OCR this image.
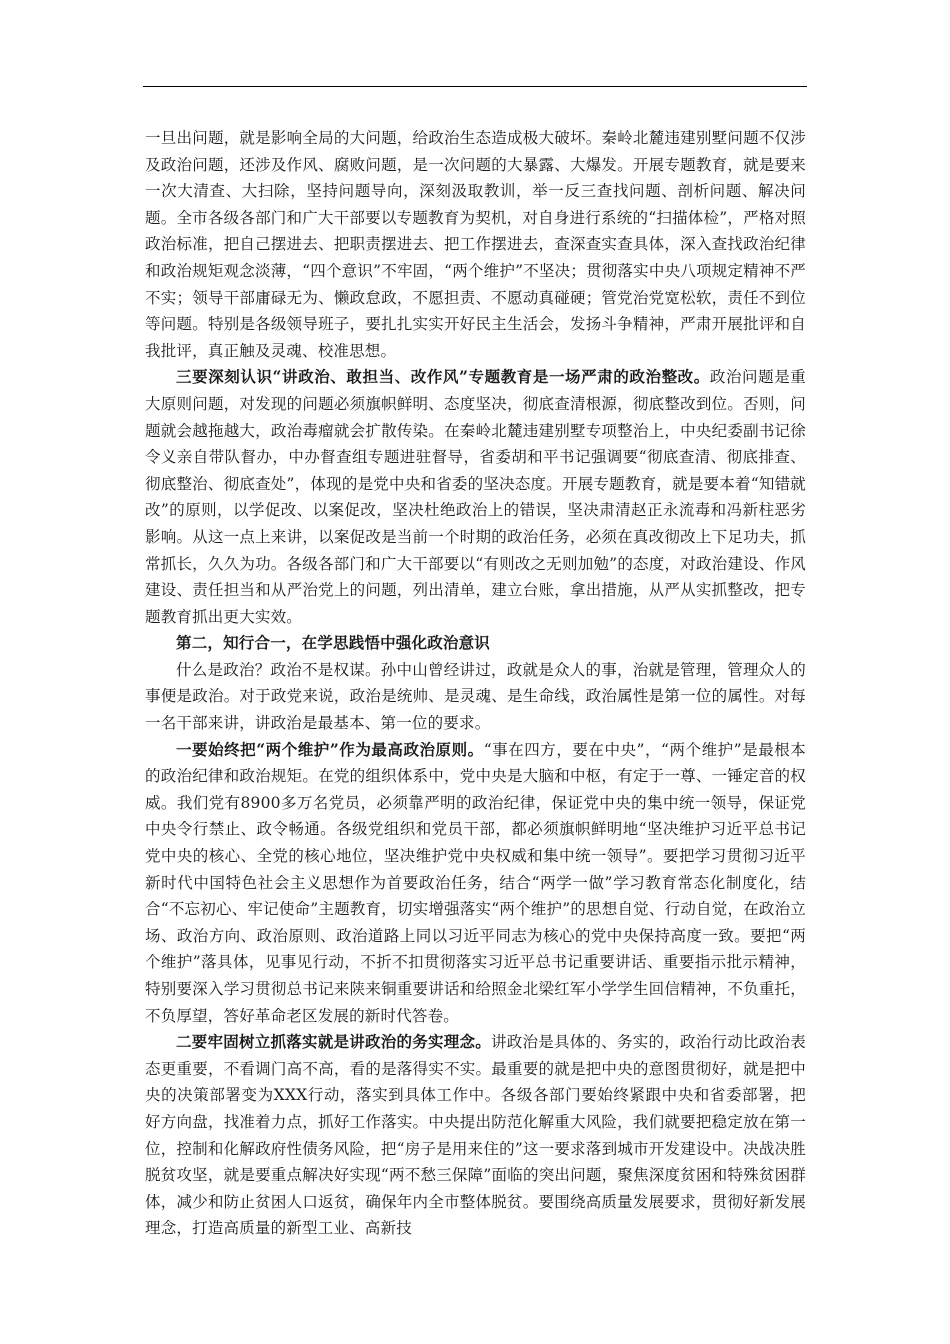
一旦出问题，就是影响全局的大问题，给政治生态造成极大破坏。秦岭北麓违建别墅问题不仅涉及政治问题，还涉及作风、腐败问题，是一次问题的大暴露、大爆发。开展专题教育，就是要来一次大清查、大扫除，坚持问题导向，深刻汲取教训，举一反三查找问题、剖析问题、解决问题。全市各级各部门和广大干部要以专题教育为契机，对自身进行系统的“扫描体检”，严格对照政治标准，把自己摆进去、把职责摆进去、把工作摆进去，查深查实查具体，深入查找政治纪律和政治规矩观念淡薄，“四个意识”不牢固，“两个维护”不坚决；贯彻落实中央八项规定精神不严不实；领导干部庸碌无为、懒政怠政，不愿担责、不愿动真碰硬；管党治党宽松软，责任不到位等问题。特别是各级领导班子，要扎扎实实开好民主生活会，发扬斗争精神，严肃开展批评和自我批评，真正触及灵魂、校准思想。

三要深刻认识“讲政治、敢担当、改作风”专题教育是一场严肃的政治整改。政治问题是重大原则问题，对发现的问题必须旗帜鲜明、态度坚决，彻底查清根源，彻底整改到位。否则，问题就会越拖越大，政治毒瘤就会扩散传染。在秦岭北麓违建别墅专项整治上，中央纪委副书记徐令义亲自带队督办，中办督查组专题进驻督导，省委胡和平书记强调要“彻底查清、彻底排查、彻底整治、彻底查处”，体现的是党中央和省委的坚决态度。开展专题教育，就是要本着“知错就改”的原则，以学促改、以案促改，坚决杜绝政治上的错误，坚决肃清赵正永流毒和冯新柱恶劣影响。从这一点上来讲，以案促改是当前一个时期的政治任务，必须在真改彻改上下足功夫，抓常抓长，久久为功。各级各部门和广大干部要以“有则改之无则加勉”的态度，对政治建设、作风建设、责任担当和从严治党上的问题，列出清单，建立台账，拿出措施，从严从实抓整改，把专题教育抓出更大实效。

第二，知行合一，在学思践悟中强化政治意识

什么是政治？政治不是权谋。孙中山曾经讲过，政就是众人的事，治就是管理，管理众人的事便是政治。对于政党来说，政治是统帅、是灵魂、是生命线，政治属性是第一位的属性。对每一名干部来讲，讲政治是最基本、第一位的要求。

一要始终把“两个维护”作为最高政治原则。“事在四方，要在中央”，“两个维护”是最根本的政治纪律和政治规矩。在党的组织体系中，党中央是大脑和中枢，有定于一尊、一锤定音的权威。我们党有8900多万名党员，必须靠严明的政治纪律，保证党中央的集中统一领导，保证党中央令行禁止、政令畅通。各级党组织和党员干部，都必须旗帜鲜明地“坚决维护习近平总书记党中央的核心、全党的核心地位，坚决维护党中央权威和集中统一领导”。要把学习贯彻习近平新时代中国特色社会主义思想作为首要政治任务，结合“两学一做”学习教育常态化制度化，结合“不忘初心、牢记使命”主题教育，切实增强落实“两个维护”的思想自觉、行动自觉，在政治立场、政治方向、政治原则、政治道路上同以习近平同志为核心的党中央保持高度一致。要把“两个维护”落具体，见事见行动，不折不扣贯彻落实习近平总书记重要讲话、重要指示批示精神，特别要深入学习贯彻总书记来陕来铜重要讲话和给照金北梁红军小学学生回信精神，不负重托，不负厚望，答好革命老区发展的新时代答卷。

二要牢固树立抓落实就是讲政治的务实理念。讲政治是具体的、务实的，政治行动比政治表态更重要，不看调门高不高，看的是落得实不实。最重要的就是把中央的意图贯彻好，就是把中央的决策部署变为XXX行动，落实到具体工作中。各级各部门要始终紧跟中央和省委部署，把好方向盘，找准着力点，抓好工作落实。中央提出防范化解重大风险，我们就要把稳定放在第一位，控制和化解政府性债务风险，把“房子是用来住的”这一要求落到城市开发建设中。决战决胜脱贫攻坚，就是要重点解决好实现“两不愁三保障”面临的突出问题，聚焦深度贫困和特殊贫困群体，减少和防止贫困人口返贫，确保年内全市整体脱贫。要围绕高质量发展要求，贯彻好新发展理念，打造高质量的新型工业、高新技
